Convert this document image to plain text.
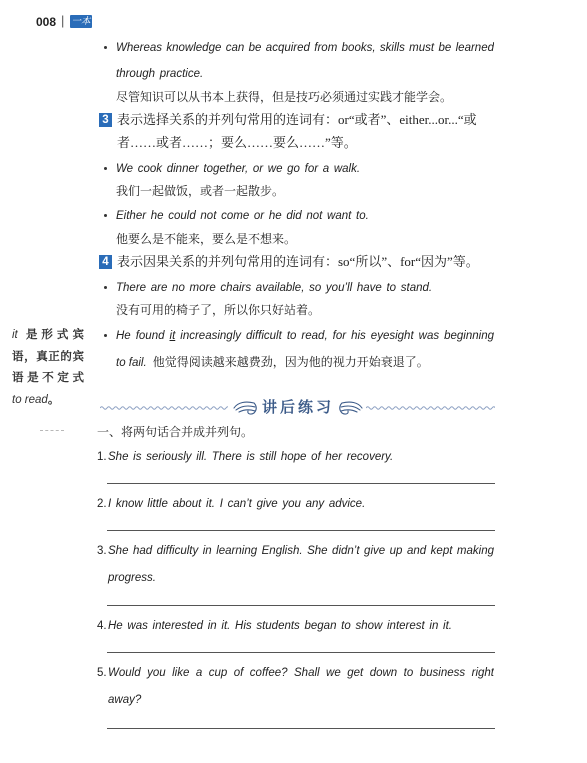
008 | 一本
Whereas knowledge can be acquired from books, skills must be learned
through practice.
尽管知识可以从书本上获得，但是技巧必须通过实践才能学会。
3 表示选择关系的并列句常用的连词有：or“或者”、either...or...“或
者……或者……；要么……要么……”等。
We cook dinner together, or we go for a walk.
我们一起做饭，或者一起散步。
Either he could not come or he did not want to.
他要么是不能来，要么是不想来。
4 表示因果关系的并列句常用的连词有：so“所以”、for“因为”等。
There are no more chairs available, so you’ll have to stand.
没有可用的椅子了，所以你只好站着。
He found it increasingly difficult to read, for his eyesight was beginning
to fail. 他觉得阅读越来越费劲，因为他的视力开始衰退了。
it 是形式宾
语，真正的宾
语是不定式
to read。	讲后练习
一、将两句话合并成并列句。
1. She is seriously ill. There is still hope of her recovery.
2. I know little about it. I can’t give you any advice.
3. She had difficulty in learning English. She didn’t give up and kept making
progress.
4. He was interested in it. His students began to show interest in it.
5. Would you like a cup of coffee? Shall we get down to business right
away?
